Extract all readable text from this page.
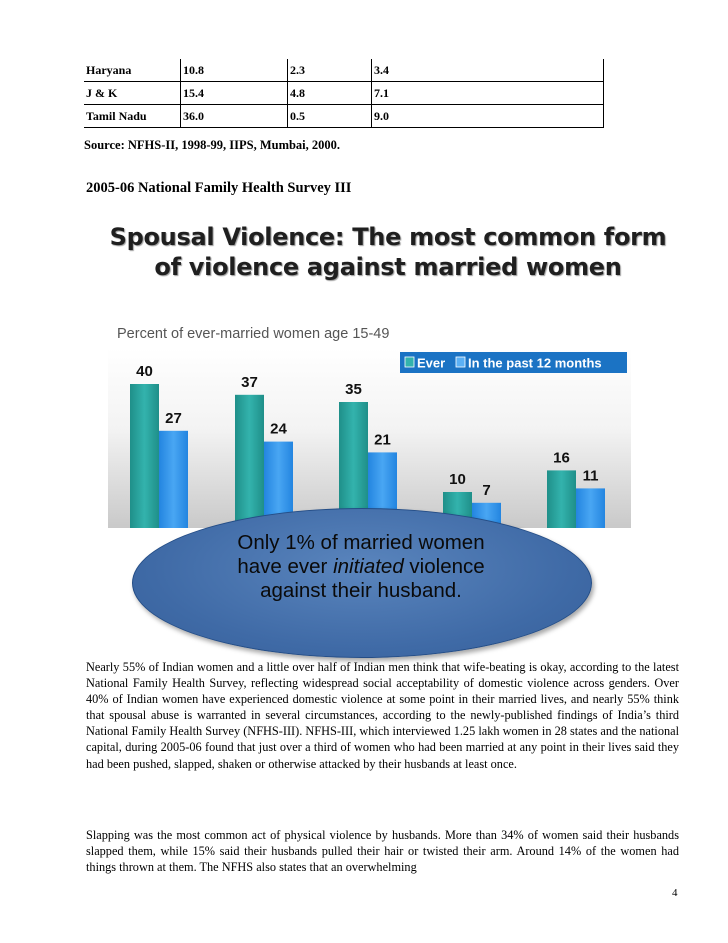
Haryana	10.8	2.3	3.4
J & K	15.4	4.8	7.1
Tamil Nadu	36.0	0.5	9.0
Source: NFHS-II, 1998-99, IIPS, Mumbai, 2000.
2005-06 National Family Health Survey III
Spousal Violence: The most common form
of violence against married women
Percent of ever-married women age 15-49
40
37	35
10
16
27
24
21
7
11
Ever In the past 12 months
Only 1% of married women
have ever initiated violence
against their husband.
Nearly 55% of Indian women and a little over half of Indian men think that wife-beating is okay, according to the latest National Family Health Survey, reflecting widespread social acceptability of domestic violence across genders. Over 40% of Indian women have experienced domestic violence at some point in their married lives, and nearly 55% think that spousal abuse is warranted in several circumstances, according to the newly-published findings of India’s third National Family Health Survey (NFHS-III). NFHS-III, which interviewed 1.25 lakh women in 28 states and the national capital, during 2005-06 found that just over a third of women who had been married at any point in their lives said they had been pushed, slapped, shaken or otherwise attacked by their husbands at least once.
Slapping was the most common act of physical violence by husbands. More than 34% of women said their husbands slapped them, while 15% said their husbands pulled their hair or twisted their arm. Around 14% of the women had things thrown at them. The NFHS also states that an overwhelming
4
